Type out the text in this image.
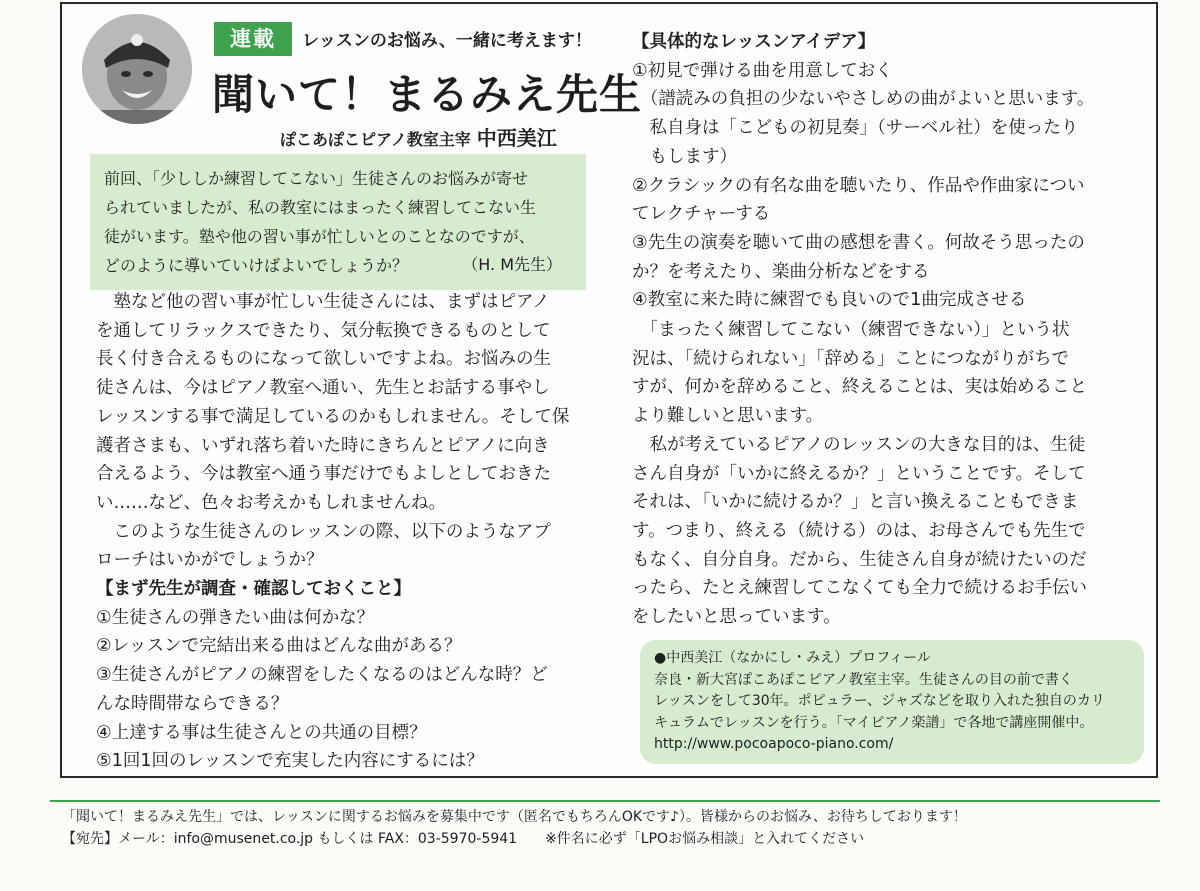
連載	レッスンのお悩み、一緒に考えます！
聞いて！まるみえ先生
ぽこあぽこピアノ教室主宰 中西美江
前回、「少ししか練習してこない」生徒さんのお悩みが寄せ
られていましたが、私の教室にはまったく練習してこない生
徒がいます。塾や他の習い事が忙しいとのことなのですが、
どのように導いていけばよいでしょうか？	（H. M先生）
　塾など他の習い事が忙しい生徒さんには、まずはピアノ
を通してリラックスできたり、気分転換できるものとして
長く付き合えるものになって欲しいですよね。お悩みの生
徒さんは、今はピアノ教室へ通い、先生とお話する事やし
レッスンする事で満足しているのかもしれません。そして保
護者さまも、いずれ落ち着いた時にきちんとピアノに向き
合えるよう、今は教室へ通う事だけでもよしとしておきた
い……など、色々お考えかもしれませんね。
　このような生徒さんのレッスンの際、以下のようなアプ
ローチはいかがでしょうか？
【まず先生が調査・確認しておくこと】
①生徒さんの弾きたい曲は何かな？
②レッスンで完結出来る曲はどんな曲がある？
③生徒さんがピアノの練習をしたくなるのはどんな時？ど
んな時間帯ならできる？
④上達する事は生徒さんとの共通の目標？
⑤1回1回のレッスンで充実した内容にするには？
【具体的なレッスンアイデア】
①初見で弾ける曲を用意しておく
　（譜読みの負担の少ないやさしめの曲がよいと思います。
　私自身は「こどもの初見奏」（サーベル社）を使ったり
　もします）
②クラシックの有名な曲を聴いたり、作品や作曲家につい
てレクチャーする
③先生の演奏を聴いて曲の感想を書く。何故そう思ったの
か？を考えたり、楽曲分析などをする
④教室に来た時に練習でも良いので1曲完成させる
　「まったく練習してこない（練習できない）」という状
況は、「続けられない」「辞める」ことにつながりがちで
すが、何かを辞めること、終えることは、実は始めること
より難しいと思います。
　私が考えているピアノのレッスンの大きな目的は、生徒
さん自身が「いかに終えるか？」ということです。そして
それは、「いかに続けるか？」と言い換えることもできま
す。つまり、終える（続ける）のは、お母さんでも先生で
もなく、自分自身。だから、生徒さん自身が続けたいのだ
ったら、たとえ練習してこなくても全力で続けるお手伝い
をしたいと思っています。
●中西美江（なかにし・みえ）プロフィール
奈良・新大宮ぽこあぽこピアノ教室主宰。生徒さんの目の前で書く
レッスンをして30年。ポピュラー、ジャズなどを取り入れた独自のカリ
キュラムでレッスンを行う。「マイピアノ楽譜」で各地で講座開催中。
http://www.pocoapoco-piano.com/
「聞いて！まるみえ先生」では、レッスンに関するお悩みを募集中です（匿名でもちろんOKです♪）。皆様からのお悩み、お待ちしております！
【宛先】メール：info@musenet.co.jp もしくは FAX：03-5970-5941　　※件名に必ず「LPOお悩み相談」と入れてください
